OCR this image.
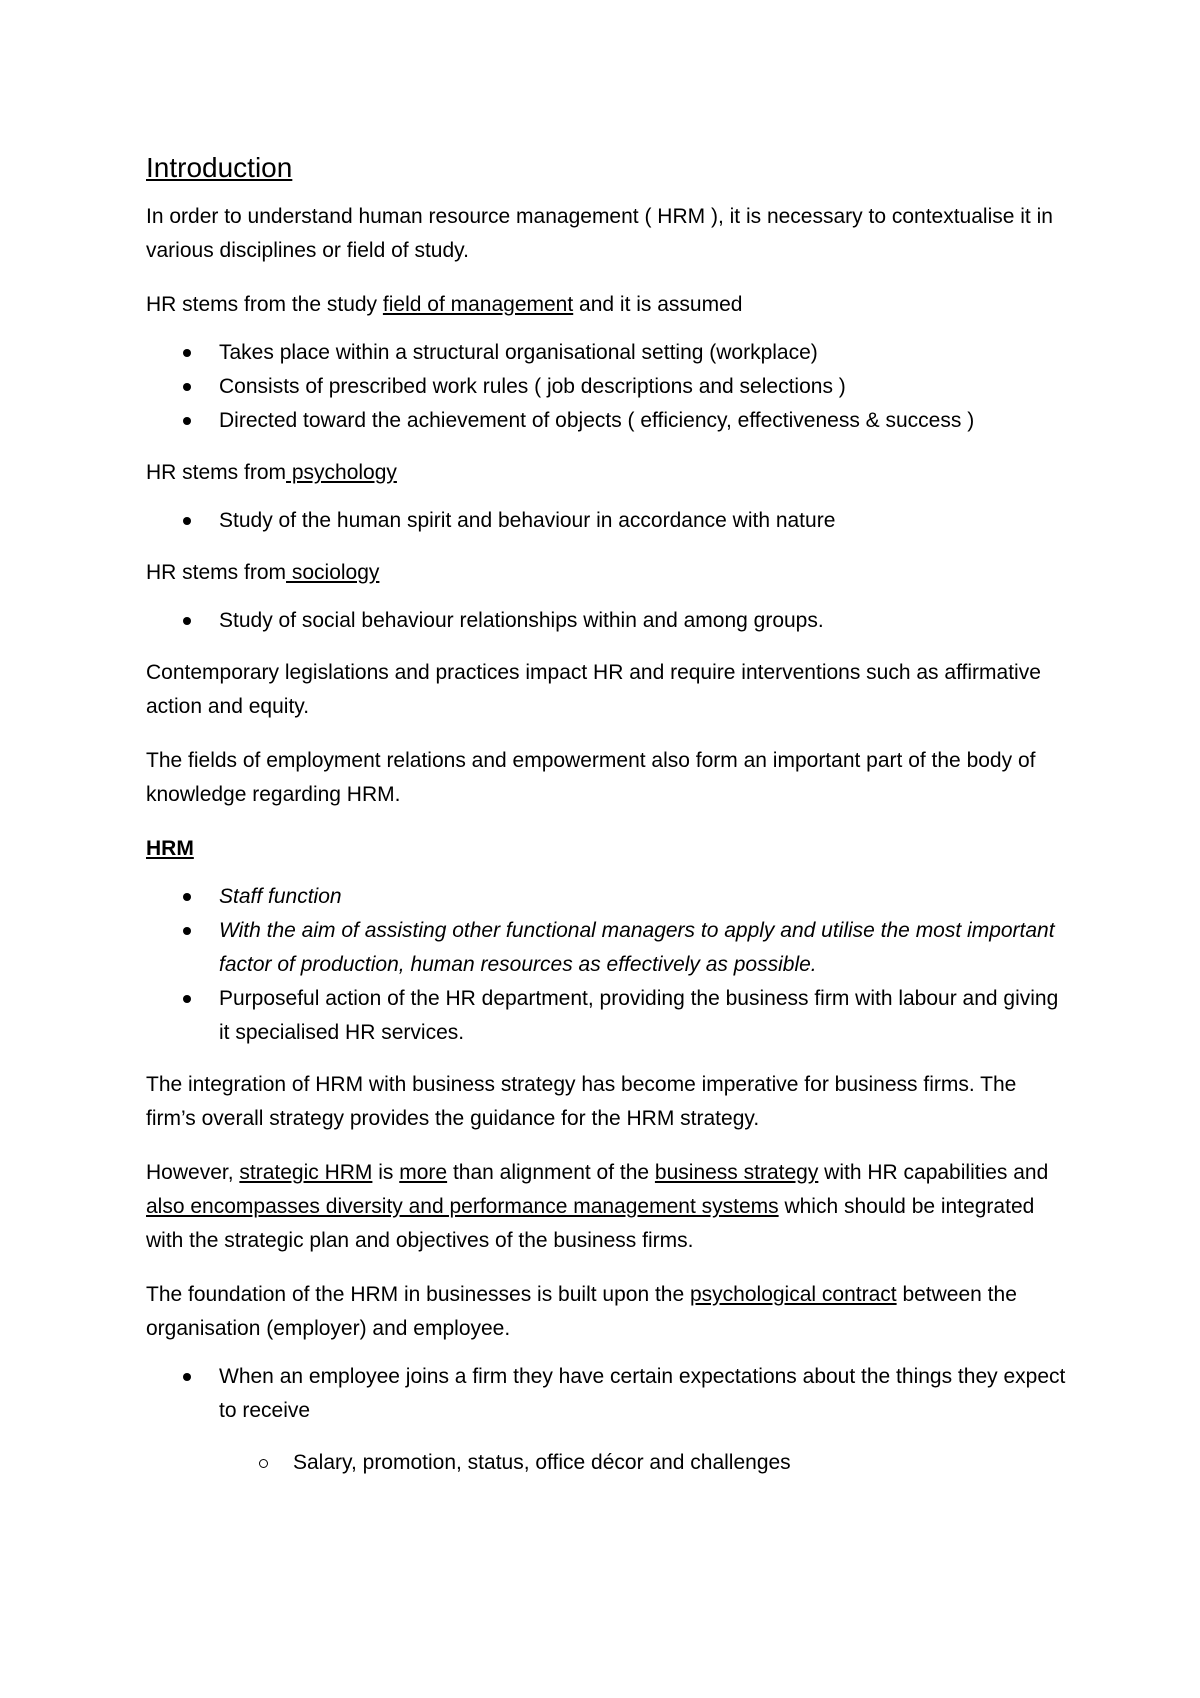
Introduction

In order to understand human resource management ( HRM ), it is necessary to contextualise it in various disciplines or field of study.

HR stems from the study field of management and it is assumed

Takes place within a structural organisational setting (workplace)
Consists of prescribed work rules ( job descriptions and selections )
Directed toward the achievement of objects ( efficiency, effectiveness & success )

HR stems from psychology

Study of the human spirit and behaviour in accordance with nature

HR stems from sociology

Study of social behaviour relationships within and among groups.

Contemporary legislations and practices impact HR and require interventions such as affirmative action and equity.

The fields of employment relations and empowerment also form an important part of the body of knowledge regarding HRM.

HRM

Staff function
With the aim of assisting other functional managers to apply and utilise the most important factor of production, human resources as effectively as possible.
Purposeful action of the HR department, providing the business firm with labour and giving it specialised HR services.

The integration of HRM with business strategy has become imperative for business firms. The firm’s overall strategy provides the guidance for the HRM strategy.

However, strategic HRM is more than alignment of the business strategy with HR capabilities and also encompasses diversity and performance management systems which should be integrated with the strategic plan and objectives of the business firms.

The foundation of the HRM in businesses is built upon the psychological contract between the organisation (employer) and employee.

When an employee joins a firm they have certain expectations about the things they expect to receive
Salary, promotion, status, office décor and challenges
